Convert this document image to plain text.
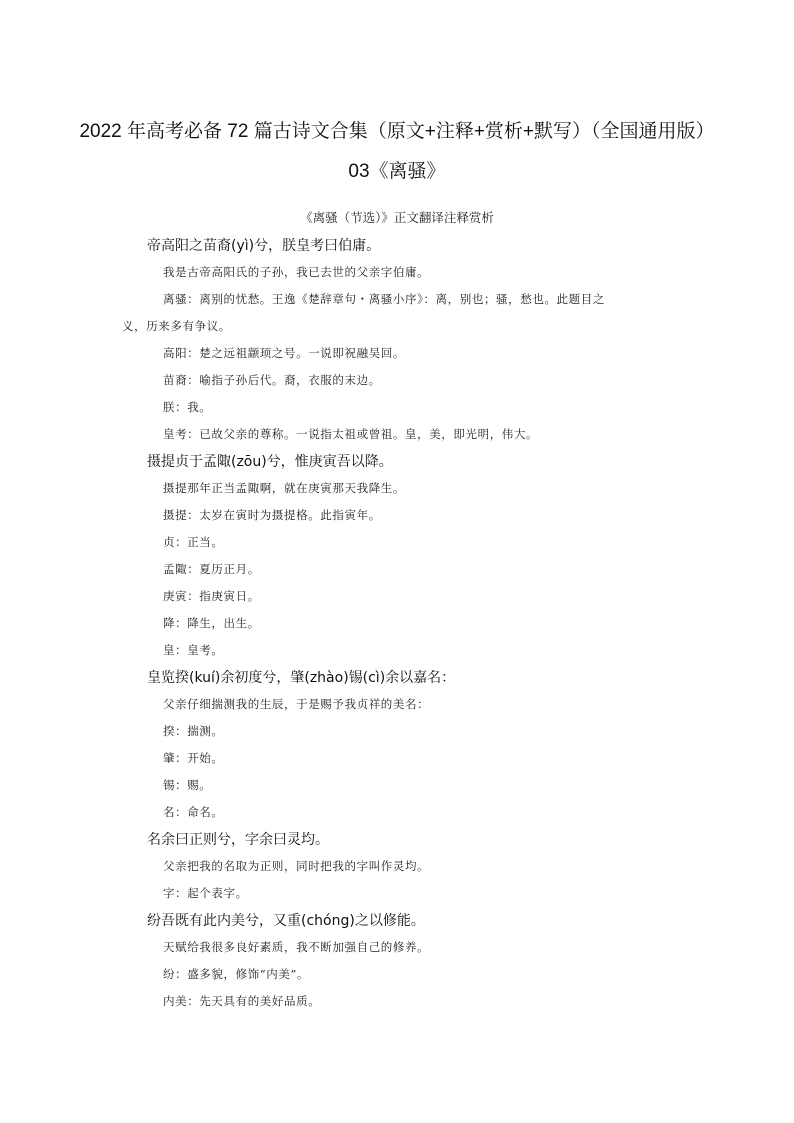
2022 年高考必备 72 篇古诗文合集（原文+注释+赏析+默写）（全国通用版）
03《离骚》
《离骚（节选）》正文翻译注释赏析
帝高阳之苗裔(yì)兮，朕皇考曰伯庸。
我是古帝高阳氏的子孙，我已去世的父亲字伯庸。
离骚：离别的忧愁。王逸《楚辞章句・离骚小序》：离，别也；骚，愁也。此题目之
义，历来多有争议。
高阳：楚之远祖颛顼之号。一说即祝融吴回。
苗裔：喻指子孙后代。裔，衣服的末边。
朕：我。
皇考：已故父亲的尊称。一说指太祖或曾祖。皇，美，即光明，伟大。
摄提贞于孟陬(zōu)兮，惟庚寅吾以降。
摄提那年正当孟陬啊，就在庚寅那天我降生。
摄提：太岁在寅时为摄提格。此指寅年。
贞：正当。
孟陬：夏历正月。
庚寅：指庚寅日。
降：降生，出生。
皇：皇考。
皇览揆(kuí)余初度兮，肇(zhào)锡(cì)余以嘉名：
父亲仔细揣测我的生辰，于是赐予我贞祥的美名：
揆：揣测。
肇：开始。
锡：赐。
名：命名。
名余曰正则兮，字余曰灵均。
父亲把我的名取为正则，同时把我的字叫作灵均。
字：起个表字。
纷吾既有此内美兮，又重(chóng)之以修能。
天赋给我很多良好素质，我不断加强自己的修养。
纷：盛多貌，修饰“内美”。
内美：先天具有的美好品质。
